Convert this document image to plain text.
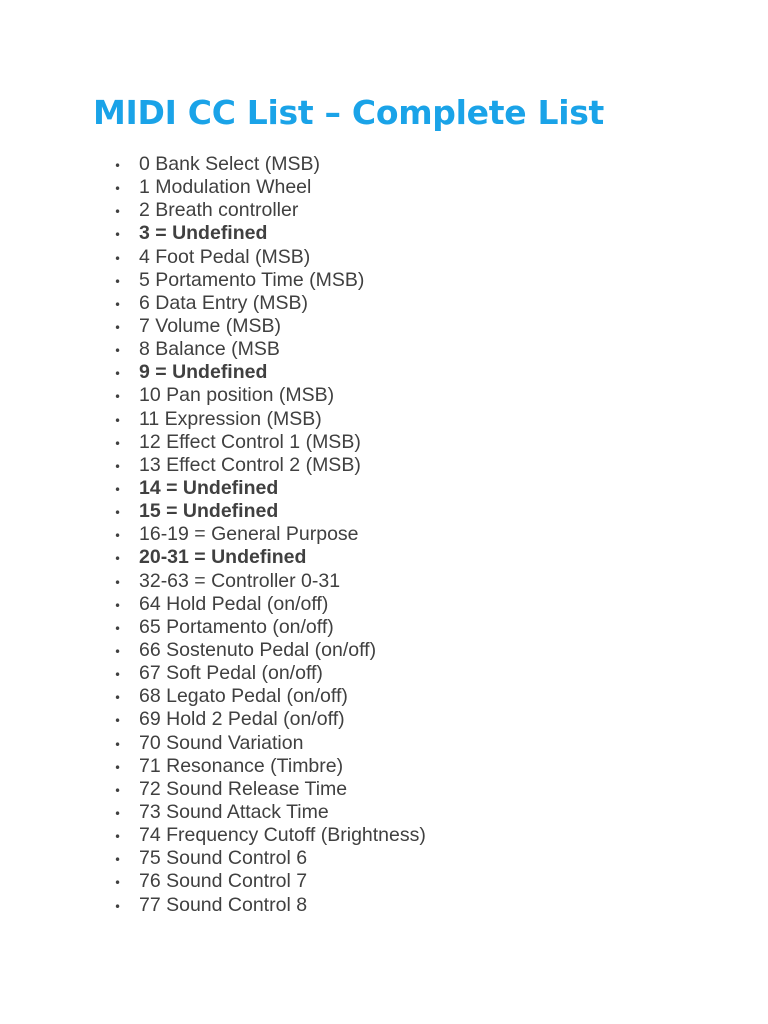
MIDI CC List – Complete List
• 0 Bank Select (MSB)
• 1 Modulation Wheel
• 2 Breath controller
• 3 = Undefined
• 4 Foot Pedal (MSB)
• 5 Portamento Time (MSB)
• 6 Data Entry (MSB)
• 7 Volume (MSB)
• 8 Balance (MSB
• 9 = Undefined
• 10 Pan position (MSB)
• 11 Expression (MSB)
• 12 Effect Control 1 (MSB)
• 13 Effect Control 2 (MSB)
• 14 = Undefined
• 15 = Undefined
• 16-19 = General Purpose
• 20-31 = Undefined
• 32-63 = Controller 0-31
• 64 Hold Pedal (on/off)
• 65 Portamento (on/off)
• 66 Sostenuto Pedal (on/off)
• 67 Soft Pedal (on/off)
• 68 Legato Pedal (on/off)
• 69 Hold 2 Pedal (on/off)
• 70 Sound Variation
• 71 Resonance (Timbre)
• 72 Sound Release Time
• 73 Sound Attack Time
• 74 Frequency Cutoff (Brightness)
• 75 Sound Control 6
• 76 Sound Control 7
• 77 Sound Control 8
